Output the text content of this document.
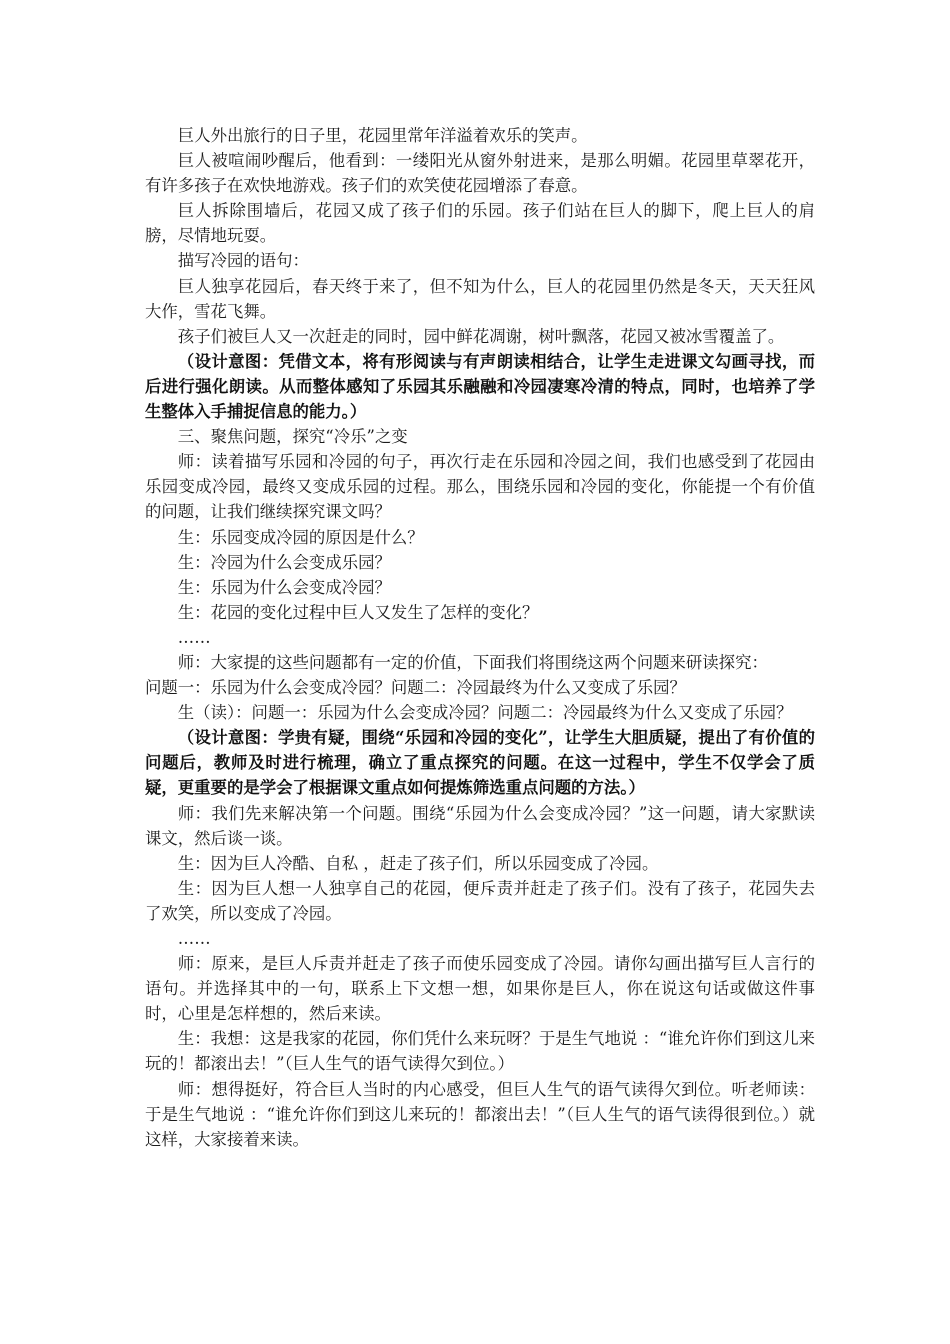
巨人外出旅行的日子里，花园里常年洋溢着欢乐的笑声。

巨人被喧闹吵醒后，他看到：一缕阳光从窗外射进来，是那么明媚。花园里草翠花开，有许多孩子在欢快地游戏。孩子们的欢笑使花园增添了春意。

巨人拆除围墙后，花园又成了孩子们的乐园。孩子们站在巨人的脚下，爬上巨人的肩膀，尽情地玩耍。

描写冷园的语句：

巨人独享花园后，春天终于来了，但不知为什么，巨人的花园里仍然是冬天，天天狂风大作，雪花飞舞。

孩子们被巨人又一次赶走的同时，园中鲜花凋谢，树叶飘落，花园又被冰雪覆盖了。

（设计意图：凭借文本，将有形阅读与有声朗读相结合，让学生走进课文勾画寻找，而后进行强化朗读。从而整体感知了乐园其乐融融和冷园凄寒冷清的特点，同时，也培养了学生整体入手捕捉信息的能力。）

三、聚焦问题，探究“冷乐”之变

师：读着描写乐园和冷园的句子，再次行走在乐园和冷园之间，我们也感受到了花园由乐园变成冷园，最终又变成乐园的过程。那么，围绕乐园和冷园的变化，你能提一个有价值的问题，让我们继续探究课文吗？

生：乐园变成冷园的原因是什么？

生：冷园为什么会变成乐园？

生：乐园为什么会变成冷园？

生：花园的变化过程中巨人又发生了怎样的变化？

……

师：大家提的这些问题都有一定的价值，下面我们将围绕这两个问题来研读探究：

问题一：乐园为什么会变成冷园？问题二：冷园最终为什么又变成了乐园？

生（读）：问题一：乐园为什么会变成冷园？问题二：冷园最终为什么又变成了乐园？

（设计意图：学贵有疑，围绕“乐园和冷园的变化”，让学生大胆质疑，提出了有价值的问题后，教师及时进行梳理，确立了重点探究的问题。在这一过程中，学生不仅学会了质疑，更重要的是学会了根据课文重点如何提炼筛选重点问题的方法。）

师：我们先来解决第一个问题。围绕“乐园为什么会变成冷园？”这一问题，请大家默读课文，然后谈一谈。

生：因为巨人冷酷、自私 ，赶走了孩子们，所以乐园变成了冷园。

生：因为巨人想一人独享自己的花园，便斥责并赶走了孩子们。没有了孩子，花园失去了欢笑，所以变成了冷园。

……

师：原来，是巨人斥责并赶走了孩子而使乐园变成了冷园。请你勾画出描写巨人言行的语句。并选择其中的一句，联系上下文想一想，如果你是巨人，你在说这句话或做这件事时，心里是怎样想的，然后来读。

生：我想：这是我家的花园，你们凭什么来玩呀？于是生气地说 ：“谁允许你们到这儿来玩的！都滚出去！”（巨人生气的语气读得欠到位。）

师：想得挺好，符合巨人当时的内心感受，但巨人生气的语气读得欠到位。听老师读：于是生气地说 ：“谁允许你们到这儿来玩的！都滚出去！”（巨人生气的语气读得很到位。）就这样，大家接着来读。
